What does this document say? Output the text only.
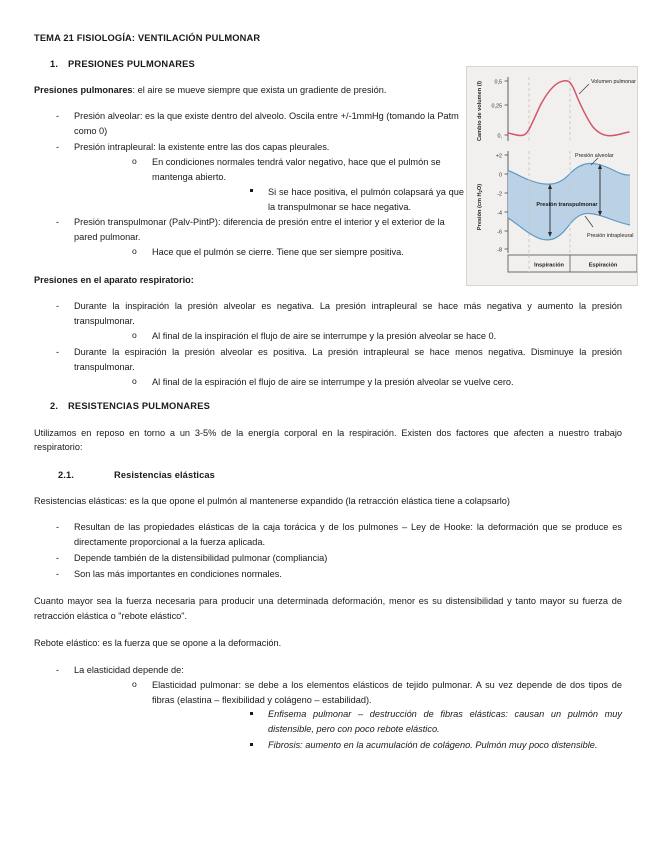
0,5
0,25
0,
Cambio de volumen (l)	Volumen pulmonar
+2
0
-2
-4
-6
-8
Presión (cm H2O)
Presión alveolar
Presión transpulmonar
Presión intrapleural
Inspiración	Espiración
TEMA 21 FISIOLOGÍA: VENTILACIÓN PULMONAR
1. PRESIONES PULMONARES

Presiones pulmonares: el aire se mueve siempre que exista un gradiente de presión.

- Presión alveolar: es la que existe dentro del alveolo. Oscila entre +/-1mmHg (tomando la Patm como 0)
- Presión intrapleural: la existente entre las dos capas pleurales.
o En condiciones normales tendrá valor negativo, hace que el pulmón se mantenga abierto.
Si se hace positiva, el pulmón colapsará ya que la transpulmonar se hace negativa.
- Presión transpulmonar (Palv-PintP): diferencia de presión entre el interior y el exterior de la pared pulmonar.
o Hace que el pulmón se cierre. Tiene que ser siempre positiva.

Presiones en el aparato respiratorio:

- Durante la inspiración la presión alveolar es negativa. La presión intrapleural se hace más negativa y aumento la presión transpulmonar.
o Al final de la inspiración el flujo de aire se interrumpe y la presión alveolar se hace 0.
- Durante la espiración la presión alveolar es positiva. La presión intrapleural se hace menos negativa. Disminuye la presión transpulmonar.
o Al final de la espiración el flujo de aire se interrumpe y la presión alveolar se vuelve cero.
2. RESISTENCIAS PULMONARES

Utilizamos en reposo en torno a un 3-5% de la energía corporal en la respiración. Existen dos factores que afecten a nuestro trabajo respiratorio:

2.1.	Resistencias elásticas

Resistencias elásticas: es la que opone el pulmón al mantenerse expandido (la retracción elástica tiene a colapsarlo)

- Resultan de las propiedades elásticas de la caja torácica y de los pulmones – Ley de Hooke: la deformación que se produce es directamente proporcional a la fuerza aplicada.
- Depende también de la distensibilidad pulmonar (compliancia)
- Son las más importantes en condiciones normales.

Cuanto mayor sea la fuerza necesaria para producir una determinada deformación, menor es su distensibilidad y tanto mayor su fuerza de retracción elástica o "rebote elástico".

Rebote elástico: es la fuerza que se opone a la deformación.

- La elasticidad depende de:
o Elasticidad pulmonar: se debe a los elementos elásticos de tejido pulmonar. A su vez depende de dos tipos de fibras (elastina – flexibilidad y colágeno – estabilidad).
Enfisema pulmonar – destrucción de fibras elásticas: causan un pulmón muy distensible, pero con poco rebote elástico.
Fibrosis: aumento en la acumulación de colágeno. Pulmón muy poco distensible.
